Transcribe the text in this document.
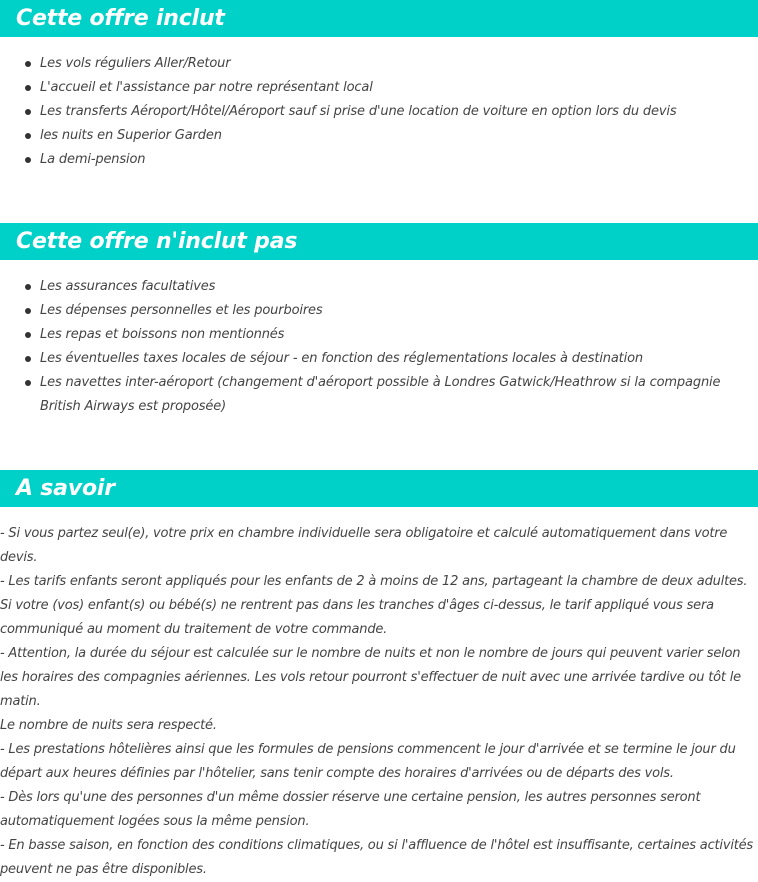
Cette offre inclut
Les vols réguliers Aller/Retour
L'accueil et l'assistance par notre représentant local
Les transferts Aéroport/Hôtel/Aéroport sauf si prise d'une location de voiture en option lors du devis
les nuits en Superior Garden
La demi-pension
Cette offre n'inclut pas
Les assurances facultatives
Les dépenses personnelles et les pourboires
Les repas et boissons non mentionnés
Les éventuelles taxes locales de séjour - en fonction des réglementations locales à destination
Les navettes inter-aéroport (changement d'aéroport possible à Londres Gatwick/Heathrow si la compagnie British Airways est proposée)
A savoir

- Si vous partez seul(e), votre prix en chambre individuelle sera obligatoire et calculé automatiquement dans votre devis.

- Les tarifs enfants seront appliqués pour les enfants de 2 à moins de 12 ans, partageant la chambre de deux adultes.

Si votre (vos) enfant(s) ou bébé(s) ne rentrent pas dans les tranches d'âges ci-dessus, le tarif appliqué vous sera communiqué au moment du traitement de votre commande.

- Attention, la durée du séjour est calculée sur le nombre de nuits et non le nombre de jours qui peuvent varier selon les horaires des compagnies aériennes. Les vols retour pourront s'effectuer de nuit avec une arrivée tardive ou tôt le matin.

Le nombre de nuits sera respecté.

- Les prestations hôtelières ainsi que les formules de pensions commencent le jour d'arrivée et se termine le jour du départ aux heures définies par l'hôtelier, sans tenir compte des horaires d'arrivées ou de départs des vols.

- Dès lors qu'une des personnes d'un même dossier réserve une certaine pension, les autres personnes seront automatiquement logées sous la même pension.

- En basse saison, en fonction des conditions climatiques, ou si l'affluence de l'hôtel est insuffisante, certaines activités peuvent ne pas être disponibles.
